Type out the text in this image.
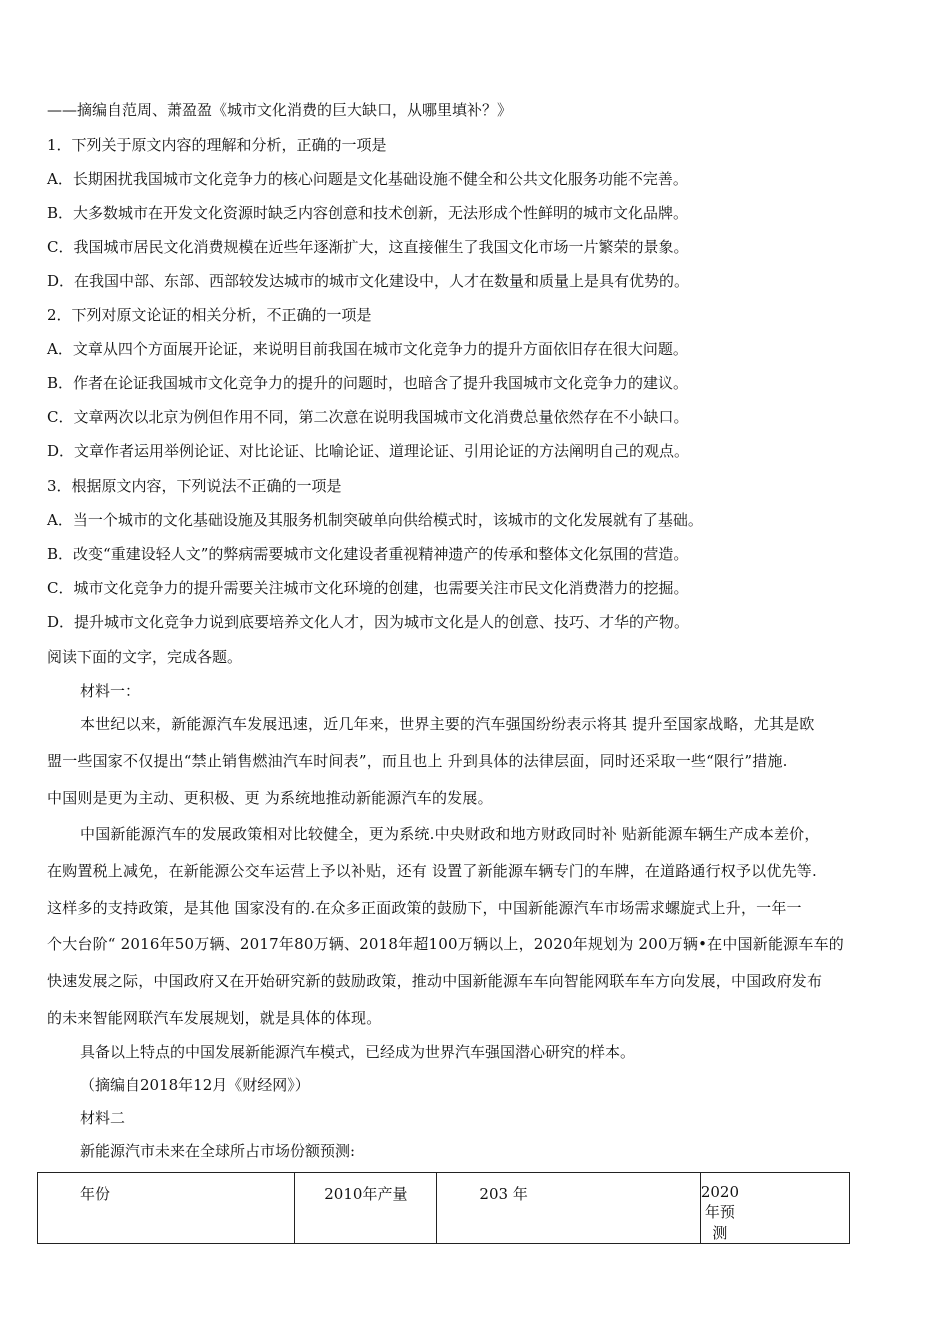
——摘编自范周、萧盈盈《城市文化消费的巨大缺口，从哪里填补？》
1．下列关于原文内容的理解和分析，正确的一项是
A．长期困扰我国城市文化竞争力的核心问题是文化基础设施不健全和公共文化服务功能不完善。
B．大多数城市在开发文化资源时缺乏内容创意和技术创新，无法形成个性鲜明的城市文化品牌。
C．我国城市居民文化消费规模在近些年逐渐扩大，这直接催生了我国文化市场一片繁荣的景象。
D．在我国中部、东部、西部较发达城市的城市文化建设中，人才在数量和质量上是具有优势的。
2．下列对原文论证的相关分析，不正确的一项是
A．文章从四个方面展开论证，来说明目前我国在城市文化竞争力的提升方面依旧存在很大问题。
B．作者在论证我国城市文化竞争力的提升的问题时，也暗含了提升我国城市文化竞争力的建议。
C．文章两次以北京为例但作用不同，第二次意在说明我国城市文化消费总量依然存在不小缺口。
D．文章作者运用举例论证、对比论证、比喻论证、道理论证、引用论证的方法阐明自己的观点。
3．根据原文内容，下列说法不正确的一项是
A．当一个城市的文化基础设施及其服务机制突破单向供给模式时，该城市的文化发展就有了基础。
B．改变“重建设轻人文”的弊病需要城市文化建设者重视精神遗产的传承和整体文化氛围的营造。
C．城市文化竞争力的提升需要关注城市文化环境的创建，也需要关注市民文化消费潜力的挖掘。
D．提升城市文化竞争力说到底要培养文化人才，因为城市文化是人的创意、技巧、才华的产物。
阅读下面的文字，完成各题。
材料一：
本世纪以来，新能源汽车发展迅速，近几年来，世界主要的汽车强国纷纷表示将其 提升至国家战略，尤其是欧
盟一些国家不仅提出“禁止销售燃油汽车时间表”，而且也上 升到具体的法律层面，同时还采取一些“限行”措施.
中国则是更为主动、更积极、更 为系统地推动新能源汽车的发展。
中国新能源汽车的发展政策相对比较健全，更为系统.中央财政和地方财政同时补 贴新能源车辆生产成本差价，
在购置税上减免，在新能源公交车运营上予以补贴，还有 设置了新能源车辆专门的车牌，在道路通行权予以优先等.
这样多的支持政策，是其他 国家没有的.在众多正面政策的鼓励下，中国新能源汽车市场需求螺旋式上升，一年一
个大台阶“ 2016年50万辆、2017年80万辆、2018年超100万辆以上，2020年规划为 200万辆•在中国新能源车车的
快速发展之际，中国政府又在开始研究新的鼓励政策，推动中国新能源车车向智能网联车车方向发展，中国政府发布
的未来智能网联汽车发展规划，就是具体的体现。
具备以上特点的中国发展新能源汽车模式，已经成为世界汽车强国潜心研究的样本。
（摘编自2018年12月《财经网》）
材料二
新能源汽市未来在全球所占市场份额预测:
年份	2010年产量	203 年	2020年预测
